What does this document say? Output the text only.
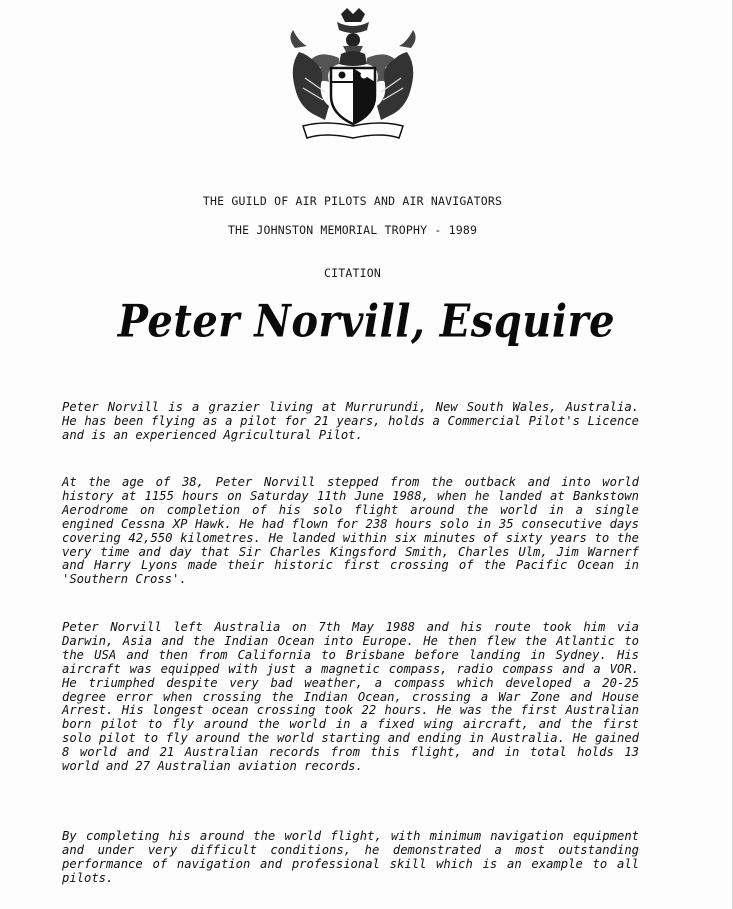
THE GUILD OF AIR PILOTS AND AIR NAVIGATORS
THE JOHNSTON MEMORIAL TROPHY - 1989
CITATION
Peter Norvill, Esquire

Peter Norvill is a grazier living at Murrurundi, New South Wales, Australia. He has been flying as a pilot for 21 years, holds a Commercial Pilot's Licence and is an experienced Agricultural Pilot.

At the age of 38, Peter Norvill stepped from the outback and into world history at 1155 hours on Saturday 11th June 1988, when he landed at Bankstown Aerodrome on completion of his solo flight around the world in a single engined Cessna XP Hawk. He had flown for 238 hours solo in 35 consecutive days covering 42,550 kilometres. He landed within six minutes of sixty years to the very time and day that Sir Charles Kingsford Smith, Charles Ulm, Jim Warnerf and Harry Lyons made their historic first crossing of the Pacific Ocean in 'Southern Cross'.

Peter Norvill left Australia on 7th May 1988 and his route took him via Darwin, Asia and the Indian Ocean into Europe. He then flew the Atlantic to the USA and then from California to Brisbane before landing in Sydney. His aircraft was equipped with just a magnetic compass, radio compass and a VOR. He triumphed despite very bad weather, a compass which developed a 20-25 degree error when crossing the Indian Ocean, crossing a War Zone and House Arrest. His longest ocean crossing took 22 hours. He was the first Australian born pilot to fly around the world in a fixed wing aircraft, and the first solo pilot to fly around the world starting and ending in Australia. He gained 8 world and 21 Australian records from this flight, and in total holds 13 world and 27 Australian aviation records.

By completing his around the world flight, with minimum navigation equipment and under very difficult conditions, he demonstrated a most outstanding performance of navigation and professional skill which is an example to all pilots.
